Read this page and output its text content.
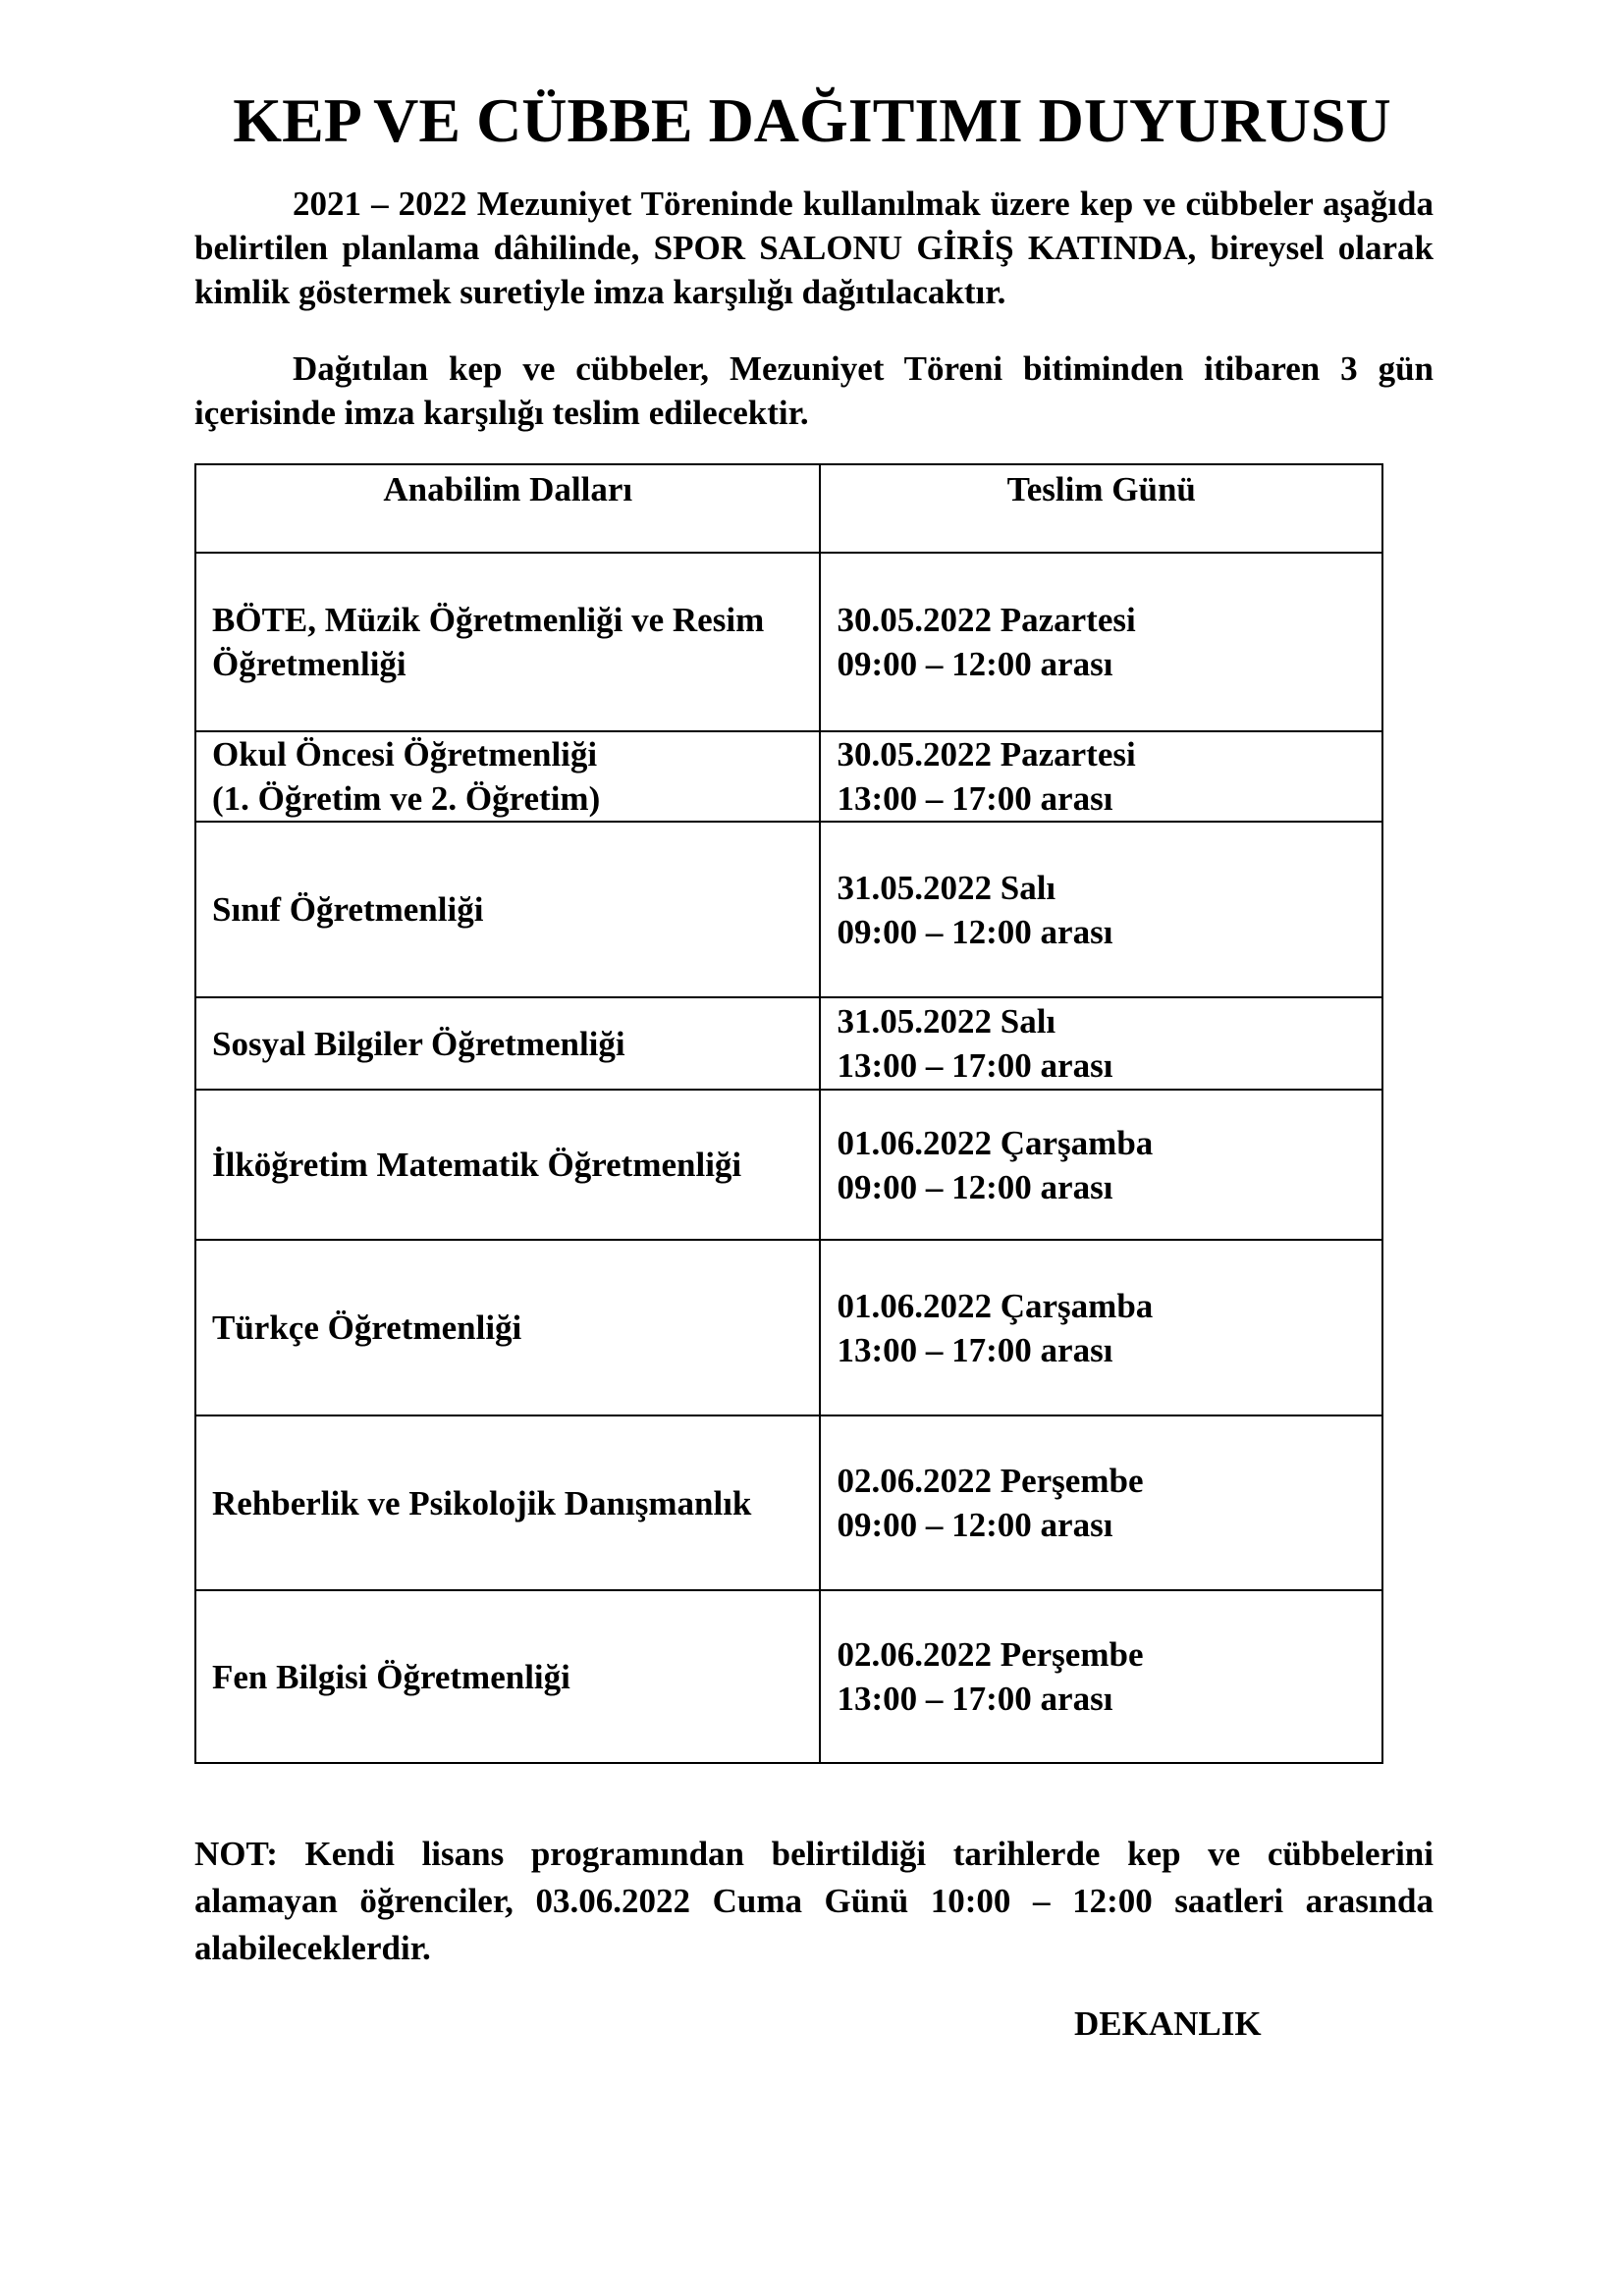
KEP VE CÜBBE DAĞITIMI DUYURUSU

2021 – 2022 Mezuniyet Töreninde kullanılmak üzere kep ve cübbeler aşağıda belirtilen planlama dâhilinde, SPOR SALONU GİRİŞ KATINDA, bireysel olarak kimlik göstermek suretiyle imza karşılığı dağıtılacaktır.

Dağıtılan kep ve cübbeler, Mezuniyet Töreni bitiminden itibaren 3 gün içerisinde imza karşılığı teslim edilecektir.

Anabilim Dalları	Teslim Günü

BÖTE, Müzik Öğretmenliği ve Resim
Öğretmenliği	30.05.2022 Pazartesi
09:00 – 12:00 arası

Okul Öncesi Öğretmenliği
(1. Öğretim ve 2. Öğretim)	30.05.2022 Pazartesi
13:00 – 17:00 arası

Sınıf Öğretmenliği	31.05.2022 Salı
09:00 – 12:00 arası

Sosyal Bilgiler Öğretmenliği	31.05.2022 Salı
13:00 – 17:00 arası

İlköğretim Matematik Öğretmenliği	01.06.2022 Çarşamba
09:00 – 12:00 arası

Türkçe Öğretmenliği	01.06.2022 Çarşamba
13:00 – 17:00 arası

Rehberlik ve Psikolojik Danışmanlık	02.06.2022 Perşembe
09:00 – 12:00 arası

Fen Bilgisi Öğretmenliği	02.06.2022 Perşembe
13:00 – 17:00 arası

NOT: Kendi lisans programından belirtildiği tarihlerde kep ve cübbelerini alamayan öğrenciler, 03.06.2022 Cuma Günü 10:00 – 12:00 saatleri arasında alabileceklerdir.

DEKANLIK
